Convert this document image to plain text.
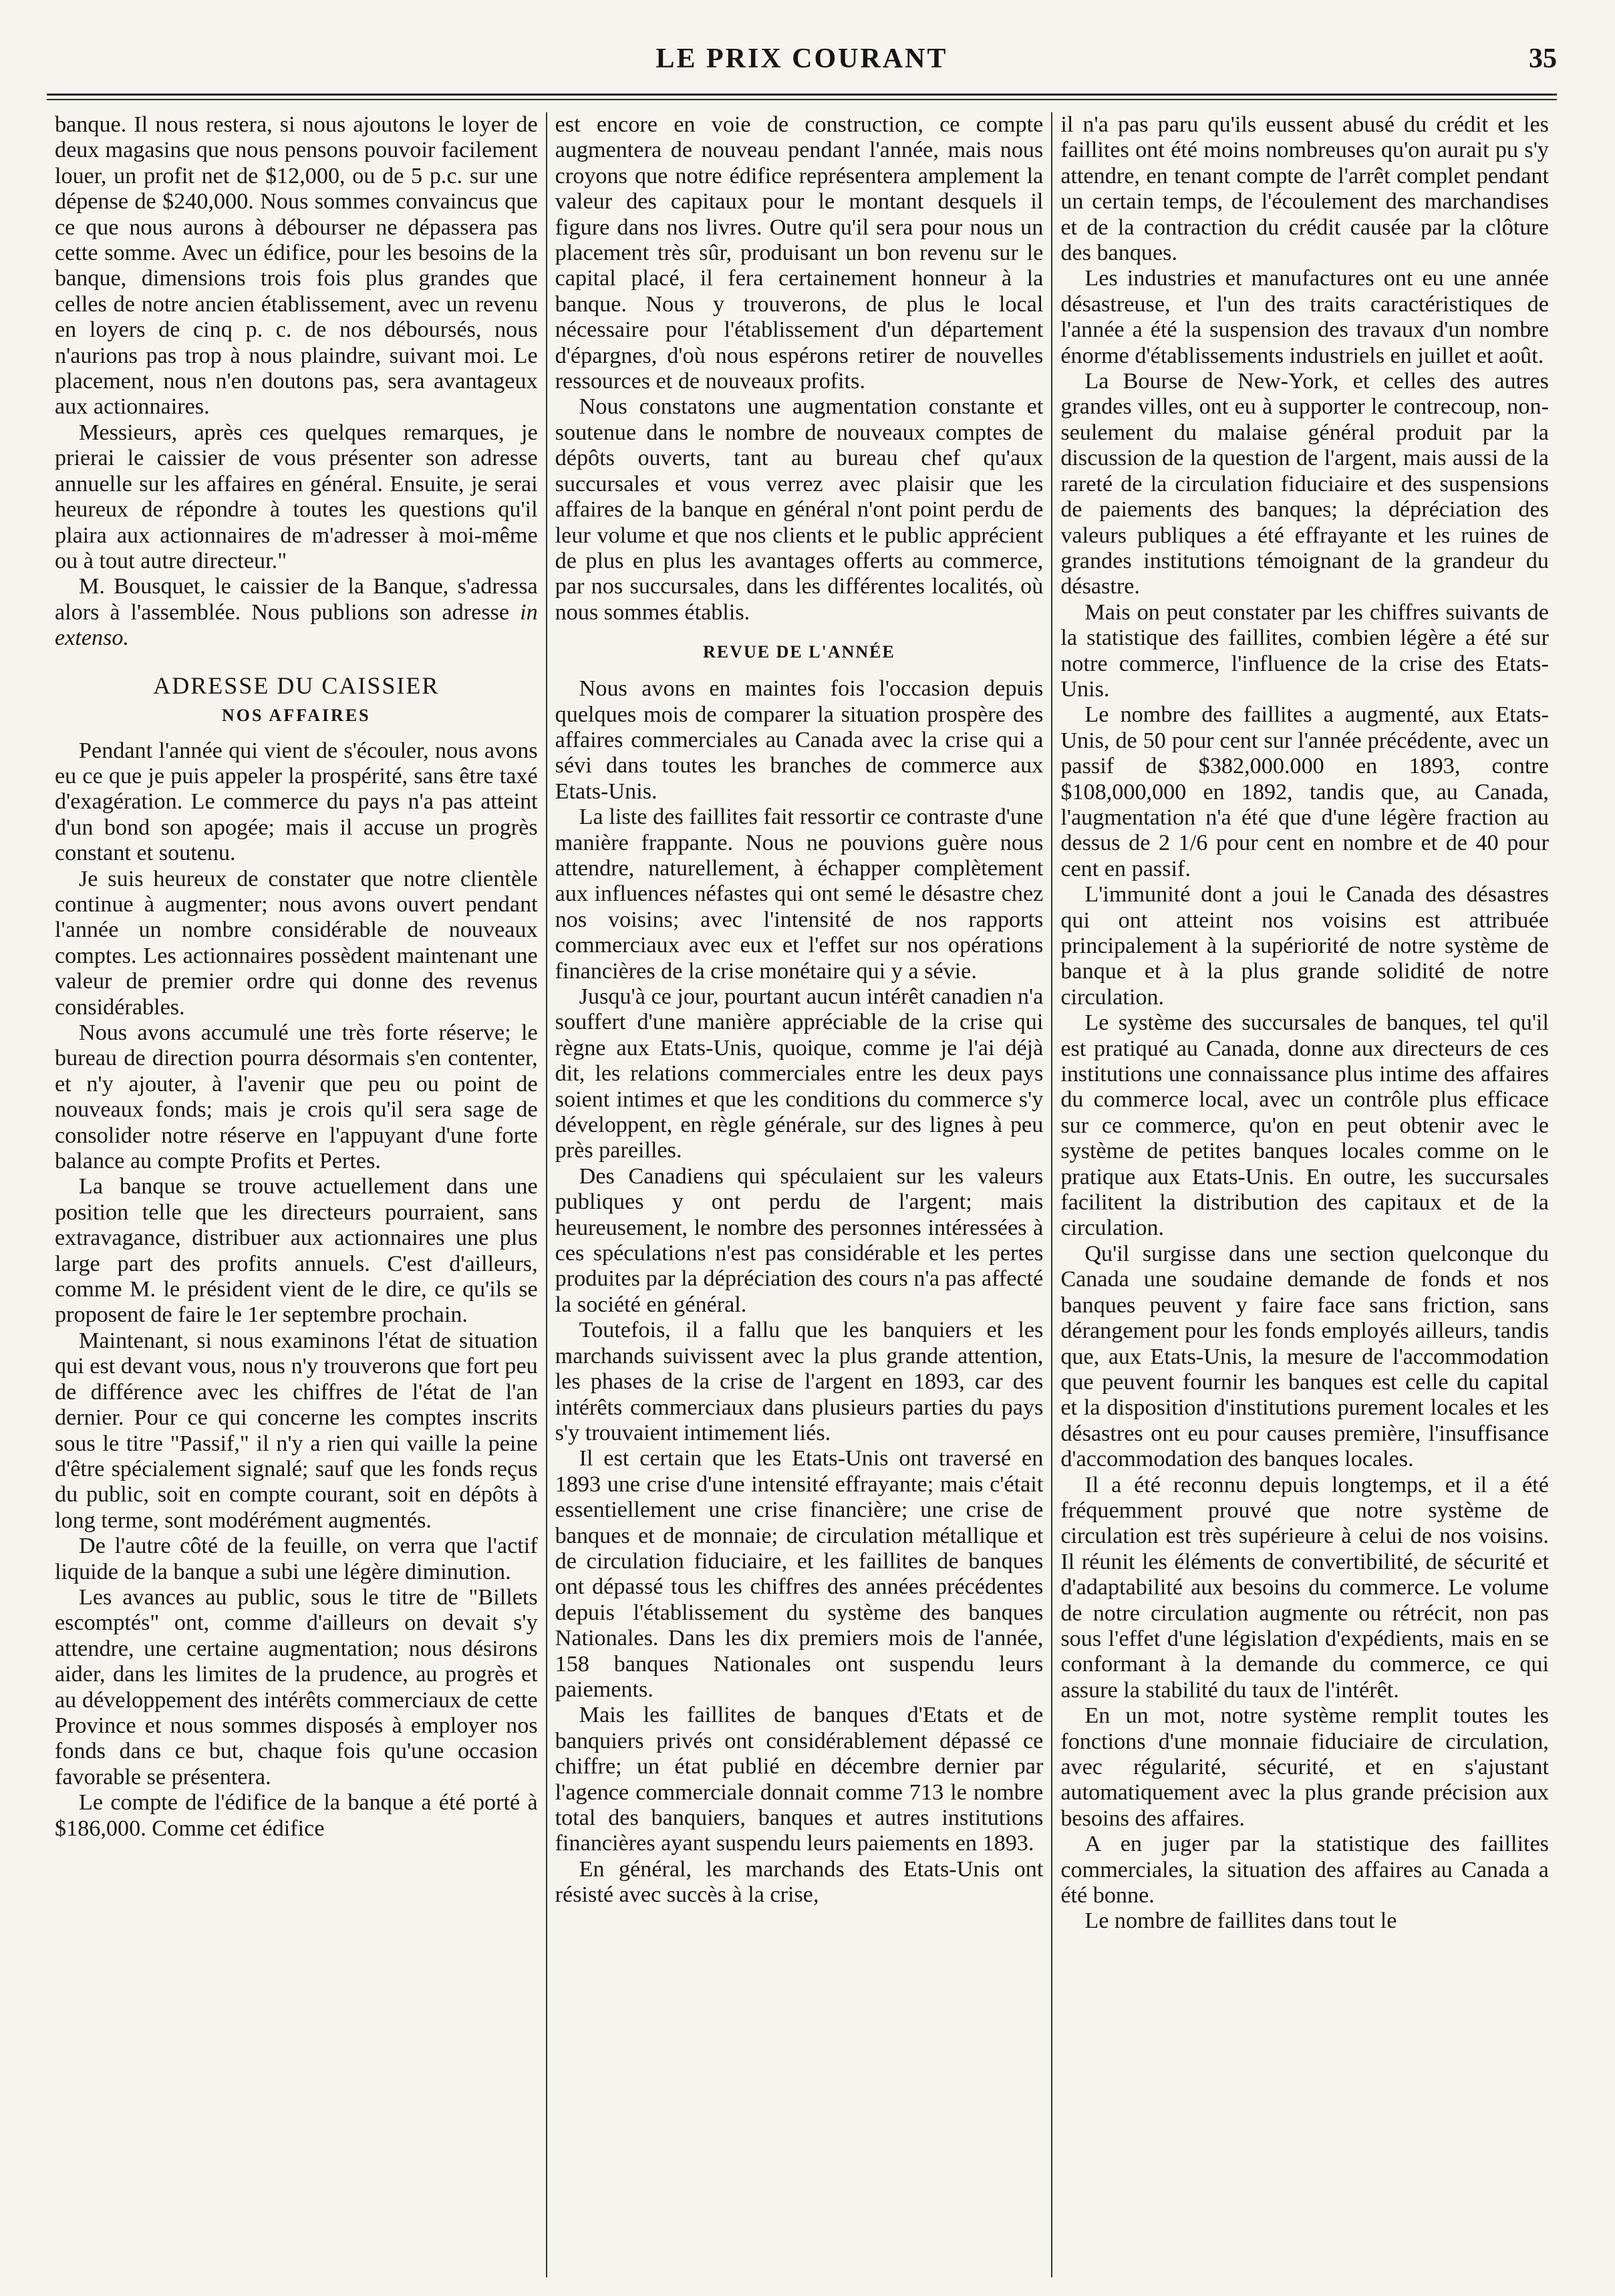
LE PRIX COURANT	35

banque. Il nous restera, si nous ajoutons le loyer de deux magasins que nous pensons pouvoir facilement louer, un profit net de $12,000, ou de 5 p.c. sur une dépense de $240,000. Nous sommes convaincus que ce que nous aurons à débourser ne dépassera pas cette somme. Avec un édifice, pour les besoins de la banque, dimensions trois fois plus grandes que celles de notre ancien établissement, avec un revenu en loyers de cinq p. c. de nos déboursés, nous n'aurions pas trop à nous plaindre, suivant moi. Le placement, nous n'en doutons pas, sera avantageux aux actionnaires.

Messieurs, après ces quelques remarques, je prierai le caissier de vous présenter son adresse annuelle sur les affaires en général. Ensuite, je serai heureux de répondre à toutes les questions qu'il plaira aux actionnaires de m'adresser à moi-même ou à tout autre directeur."

M. Bousquet, le caissier de la Banque, s'adressa alors à l'assemblée. Nous publions son adresse in extenso.

ADRESSE DU CAISSIER
NOS AFFAIRES

Pendant l'année qui vient de s'écouler, nous avons eu ce que je puis appeler la prospérité, sans être taxé d'exagération. Le commerce du pays n'a pas atteint d'un bond son apogée; mais il accuse un progrès constant et soutenu.

Je suis heureux de constater que notre clientèle continue à augmenter; nous avons ouvert pendant l'année un nombre considérable de nouveaux comptes. Les actionnaires possèdent maintenant une valeur de premier ordre qui donne des revenus considérables.

Nous avons accumulé une très forte réserve; le bureau de direction pourra désormais s'en contenter, et n'y ajouter, à l'avenir que peu ou point de nouveaux fonds; mais je crois qu'il sera sage de consolider notre réserve en l'appuyant d'une forte balance au compte Profits et Pertes.

La banque se trouve actuellement dans une position telle que les directeurs pourraient, sans extravagance, distribuer aux actionnaires une plus large part des profits annuels. C'est d'ailleurs, comme M. le président vient de le dire, ce qu'ils se proposent de faire le 1er septembre prochain.

Maintenant, si nous examinons l'état de situation qui est devant vous, nous n'y trouverons que fort peu de différence avec les chiffres de l'état de l'an dernier. Pour ce qui concerne les comptes inscrits sous le titre "Passif," il n'y a rien qui vaille la peine d'être spécialement signalé; sauf que les fonds reçus du public, soit en compte courant, soit en dépôts à long terme, sont modérément augmentés.

De l'autre côté de la feuille, on verra que l'actif liquide de la banque a subi une légère diminution.

Les avances au public, sous le titre de "Billets escomptés" ont, comme d'ailleurs on devait s'y attendre, une certaine augmentation; nous désirons aider, dans les limites de la prudence, au progrès et au développement des intérêts commerciaux de cette Province et nous sommes disposés à employer nos fonds dans ce but, chaque fois qu'une occasion favorable se présentera.

Le compte de l'édifice de la banque a été porté à $186,000. Comme cet édifice

est encore en voie de construction, ce compte augmentera de nouveau pendant l'année, mais nous croyons que notre édifice représentera amplement la valeur des capitaux pour le montant desquels il figure dans nos livres. Outre qu'il sera pour nous un placement très sûr, produisant un bon revenu sur le capital placé, il fera certainement honneur à la banque. Nous y trouverons, de plus le local nécessaire pour l'établissement d'un département d'épargnes, d'où nous espérons retirer de nouvelles ressources et de nouveaux profits.

Nous constatons une augmentation constante et soutenue dans le nombre de nouveaux comptes de dépôts ouverts, tant au bureau chef qu'aux succursales et vous verrez avec plaisir que les affaires de la banque en général n'ont point perdu de leur volume et que nos clients et le public apprécient de plus en plus les avantages offerts au commerce, par nos succursales, dans les différentes localités, où nous sommes établis.

REVUE DE L'ANNÉE

Nous avons en maintes fois l'occasion depuis quelques mois de comparer la situation prospère des affaires commerciales au Canada avec la crise qui a sévi dans toutes les branches de commerce aux Etats-Unis.

La liste des faillites fait ressortir ce contraste d'une manière frappante. Nous ne pouvions guère nous attendre, naturellement, à échapper complètement aux influences néfastes qui ont semé le désastre chez nos voisins; avec l'intensité de nos rapports commerciaux avec eux et l'effet sur nos opérations financières de la crise monétaire qui y a sévie.

Jusqu'à ce jour, pourtant aucun intérêt canadien n'a souffert d'une manière appréciable de la crise qui règne aux Etats-Unis, quoique, comme je l'ai déjà dit, les relations commerciales entre les deux pays soient intimes et que les conditions du commerce s'y développent, en règle générale, sur des lignes à peu près pareilles.

Des Canadiens qui spéculaient sur les valeurs publiques y ont perdu de l'argent; mais heureusement, le nombre des personnes intéressées à ces spéculations n'est pas considérable et les pertes produites par la dépréciation des cours n'a pas affecté la société en général.

Toutefois, il a fallu que les banquiers et les marchands suivissent avec la plus grande attention, les phases de la crise de l'argent en 1893, car des intérêts commerciaux dans plusieurs parties du pays s'y trouvaient intimement liés.

Il est certain que les Etats-Unis ont traversé en 1893 une crise d'une intensité effrayante; mais c'était essentiellement une crise financière; une crise de banques et de monnaie; de circulation métallique et de circulation fiduciaire, et les faillites de banques ont dépassé tous les chiffres des années précédentes depuis l'établissement du système des banques Nationales. Dans les dix premiers mois de l'année, 158 banques Nationales ont suspendu leurs paiements.

Mais les faillites de banques d'Etats et de banquiers privés ont considérablement dépassé ce chiffre; un état publié en décembre dernier par l'agence commerciale donnait comme 713 le nombre total des banquiers, banques et autres institutions financières ayant suspendu leurs paiements en 1893.

En général, les marchands des Etats-Unis ont résisté avec succès à la crise,

il n'a pas paru qu'ils eussent abusé du crédit et les faillites ont été moins nombreuses qu'on aurait pu s'y attendre, en tenant compte de l'arrêt complet pendant un certain temps, de l'écoulement des marchandises et de la contraction du crédit causée par la clôture des banques.

Les industries et manufactures ont eu une année désastreuse, et l'un des traits caractéristiques de l'année a été la suspension des travaux d'un nombre énorme d'établissements industriels en juillet et août.

La Bourse de New-York, et celles des autres grandes villes, ont eu à supporter le contrecoup, non-seulement du malaise général produit par la discussion de la question de l'argent, mais aussi de la rareté de la circulation fiduciaire et des suspensions de paiements des banques; la dépréciation des valeurs publiques a été effrayante et les ruines de grandes institutions témoignant de la grandeur du désastre.

Mais on peut constater par les chiffres suivants de la statistique des faillites, combien légère a été sur notre commerce, l'influence de la crise des Etats-Unis.

Le nombre des faillites a augmenté, aux Etats-Unis, de 50 pour cent sur l'année précédente, avec un passif de $382,000.000 en 1893, contre $108,000,000 en 1892, tandis que, au Canada, l'augmentation n'a été que d'une légère fraction au dessus de 2 1/6 pour cent en nombre et de 40 pour cent en passif.

L'immunité dont a joui le Canada des désastres qui ont atteint nos voisins est attribuée principalement à la supériorité de notre système de banque et à la plus grande solidité de notre circulation.

Le système des succursales de banques, tel qu'il est pratiqué au Canada, donne aux directeurs de ces institutions une connaissance plus intime des affaires du commerce local, avec un contrôle plus efficace sur ce commerce, qu'on en peut obtenir avec le système de petites banques locales comme on le pratique aux Etats-Unis. En outre, les succursales facilitent la distribution des capitaux et de la circulation.

Qu'il surgisse dans une section quelconque du Canada une soudaine demande de fonds et nos banques peuvent y faire face sans friction, sans dérangement pour les fonds employés ailleurs, tandis que, aux Etats-Unis, la mesure de l'accommodation que peuvent fournir les banques est celle du capital et la disposition d'institutions purement locales et les désastres ont eu pour causes première, l'insuffisance d'accommodation des banques locales.

Il a été reconnu depuis longtemps, et il a été fréquemment prouvé que notre système de circulation est très supérieure à celui de nos voisins. Il réunit les éléments de convertibilité, de sécurité et d'adaptabilité aux besoins du commerce. Le volume de notre circulation augmente ou rétrécit, non pas sous l'effet d'une législation d'expédients, mais en se conformant à la demande du commerce, ce qui assure la stabilité du taux de l'intérêt.

En un mot, notre système remplit toutes les fonctions d'une monnaie fiduciaire de circulation, avec régularité, sécurité, et en s'ajustant automatiquement avec la plus grande précision aux besoins des affaires.

A en juger par la statistique des faillites commerciales, la situation des affaires au Canada a été bonne.

Le nombre de faillites dans tout le
